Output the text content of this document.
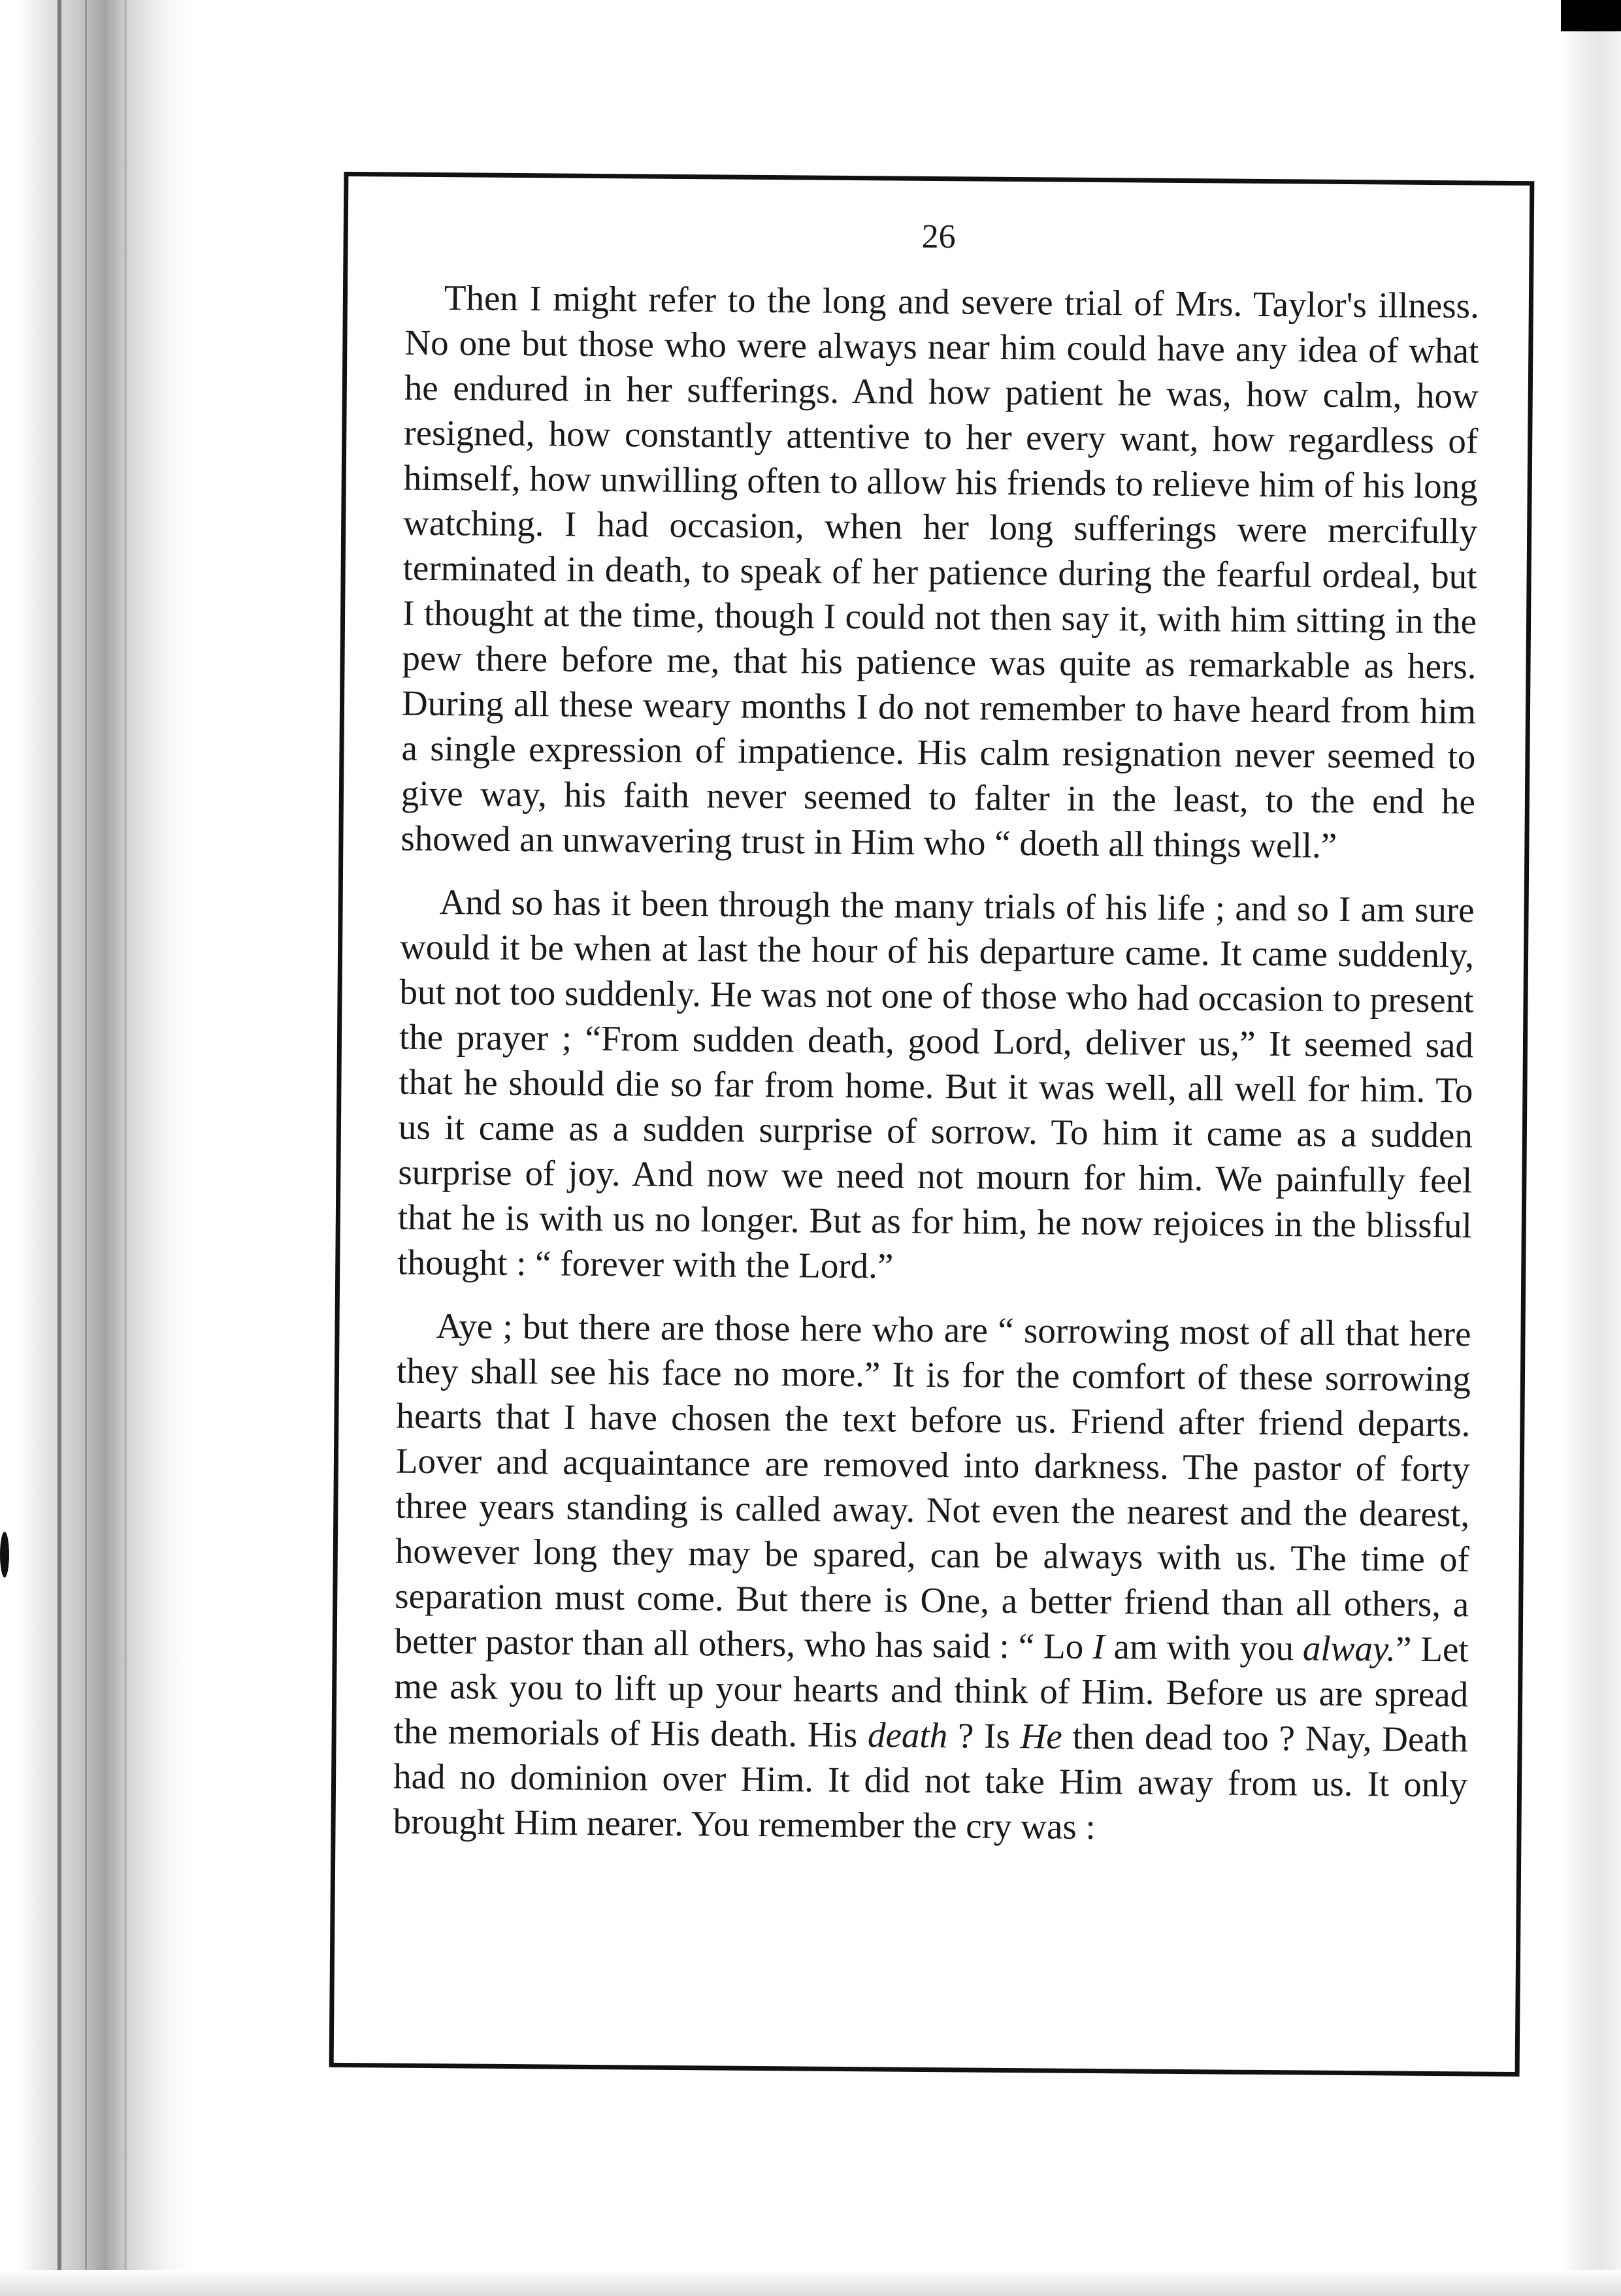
26

Then I might refer to the long and severe trial of Mrs. Taylor's illness. No one but those who were always near him could have any idea of what he endured in her sufferings. And how patient he was, how calm, how resigned, how constantly attentive to her every want, how regardless of himself, how unwilling often to allow his friends to relieve him of his long watching. I had occasion, when her long sufferings were mercifully terminated in death, to speak of her patience during the fearful ordeal, but I thought at the time, though I could not then say it, with him sitting in the pew there before me, that his patience was quite as remarkable as hers. During all these weary months I do not remember to have heard from him a single expression of impatience. His calm resignation never seemed to give way, his faith never seemed to falter in the least, to the end he showed an unwavering trust in Him who “ doeth all things well.”

And so has it been through the many trials of his life ; and so I am sure would it be when at last the hour of his departure came. It came suddenly, but not too suddenly. He was not one of those who had occasion to present the prayer ; “From sudden death, good Lord, deliver us,” It seemed sad that he should die so far from home. But it was well, all well for him. To us it came as a sudden surprise of sorrow. To him it came as a sudden surprise of joy. And now we need not mourn for him. We painfully feel that he is with us no longer. But as for him, he now rejoices in the blissful thought : “ forever with the Lord.”

Aye ; but there are those here who are “ sorrowing most of all that here they shall see his face no more.” It is for the comfort of these sorrowing hearts that I have chosen the text before us. Friend after friend departs. Lover and acquaintance are removed into darkness. The pastor of forty three years standing is called away. Not even the nearest and the dearest, however long they may be spared, can be always with us. The time of separation must come. But there is One, a better friend than all others, a better pastor than all others, who has said : “ Lo I am with you alway.” Let me ask you to lift up your hearts and think of Him. Before us are spread the memorials of His death. His death ? Is He then dead too ? Nay, Death had no dominion over Him. It did not take Him away from us. It only brought Him nearer. You remember the cry was :
